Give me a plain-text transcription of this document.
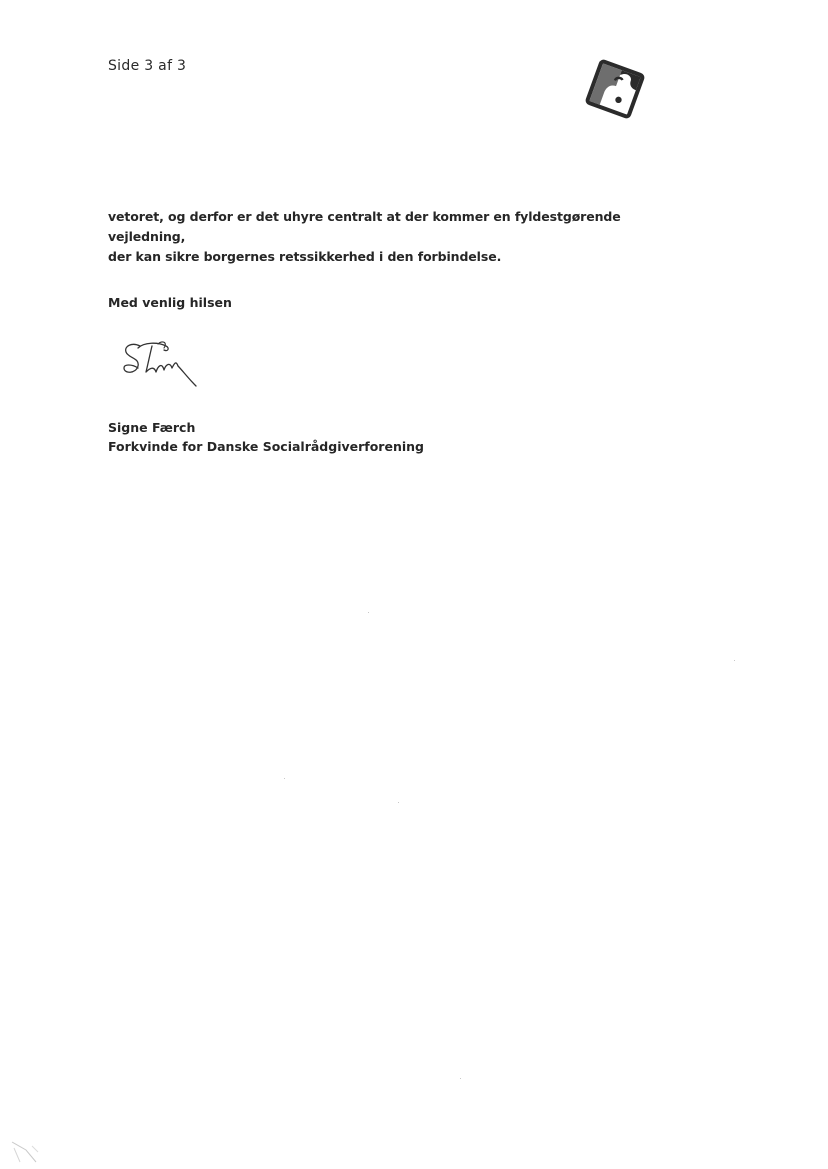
Side 3 af 3

vetoret, og derfor er det uhyre centralt at der kommer en fyldestgørende vejledning,

der kan sikre borgernes retssikkerhed i den forbindelse.

Med venlig hilsen
Signe Færch
Forkvinde for Danske Socialrådgiverforening
